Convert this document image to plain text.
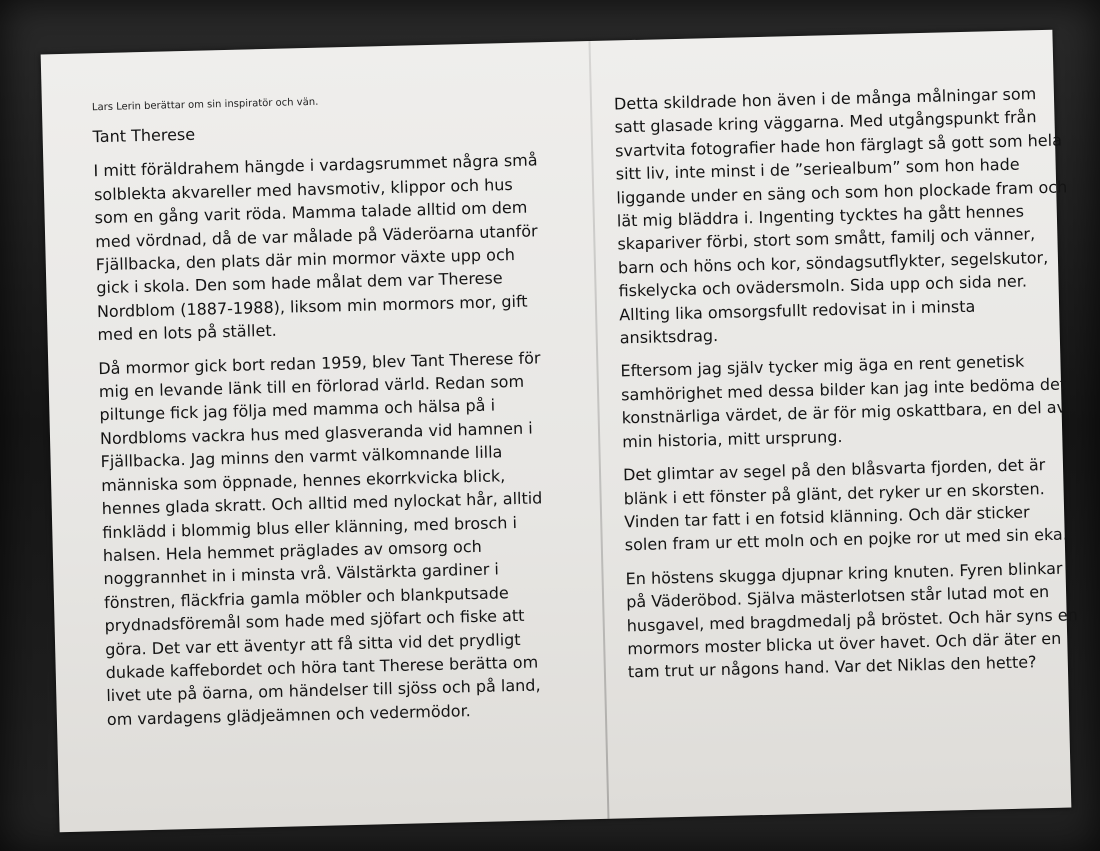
Lars Lerin berättar om sin inspiratör och vän.
Tant Therese
I mitt föräldrahem hängde i vardagsrummet några små
solblekta akvareller med havsmotiv, klippor och hus
som en gång varit röda. Mamma talade alltid om dem
med vördnad, då de var målade på Väderöarna utanför
Fjällbacka, den plats där min mormor växte upp och
gick i skola. Den som hade målat dem var Therese
Nordblom (1887-1988), liksom min mormors mor, gift
med en lots på stället.
Då mormor gick bort redan 1959, blev Tant Therese för
mig en levande länk till en förlorad värld. Redan som
piltunge fick jag följa med mamma och hälsa på i
Nordbloms vackra hus med glasveranda vid hamnen i
Fjällbacka. Jag minns den varmt välkomnande lilla
människa som öppnade, hennes ekorrkvicka blick,
hennes glada skratt. Och alltid med nylockat hår, alltid
finklädd i blommig blus eller klänning, med brosch i
halsen. Hela hemmet präglades av omsorg och
noggrannhet in i minsta vrå. Välstärkta gardiner i
fönstren, fläckfria gamla möbler och blankputsade
prydnadsföremål som hade med sjöfart och fiske att
göra. Det var ett äventyr att få sitta vid det prydligt
dukade kaffebordet och höra tant Therese berätta om
livet ute på öarna, om händelser till sjöss och på land,
om vardagens glädjeämnen och vedermödor.
Detta skildrade hon även i de många målningar som
satt glasade kring väggarna. Med utgångspunkt från
svartvita fotografier hade hon färglagt så gott som hela
sitt liv, inte minst i de ”seriealbum” som hon hade
liggande under en säng och som hon plockade fram och
lät mig bläddra i. Ingenting tycktes ha gått hennes
skapariver förbi, stort som smått, familj och vänner,
barn och höns och kor, söndagsutflykter, segelskutor,
fiskelycka och ovädersmoln. Sida upp och sida ner.
Allting lika omsorgsfullt redovisat in i minsta
ansiktsdrag.
Eftersom jag själv tycker mig äga en rent genetisk
samhörighet med dessa bilder kan jag inte bedöma det
konstnärliga värdet, de är för mig oskattbara, en del av
min historia, mitt ursprung.
Det glimtar av segel på den blåsvarta fjorden, det är
blänk i ett fönster på glänt, det ryker ur en skorsten.
Vinden tar fatt i en fotsid klänning. Och där sticker
solen fram ur ett moln och en pojke ror ut med sin eka.
En höstens skugga djupnar kring knuten. Fyren blinkar
på Väderöbod. Själva mästerlotsen står lutad mot en
husgavel, med bragdmedalj på bröstet. Och här syns en
mormors moster blicka ut över havet. Och där äter en
tam trut ur någons hand. Var det Niklas den hette?
